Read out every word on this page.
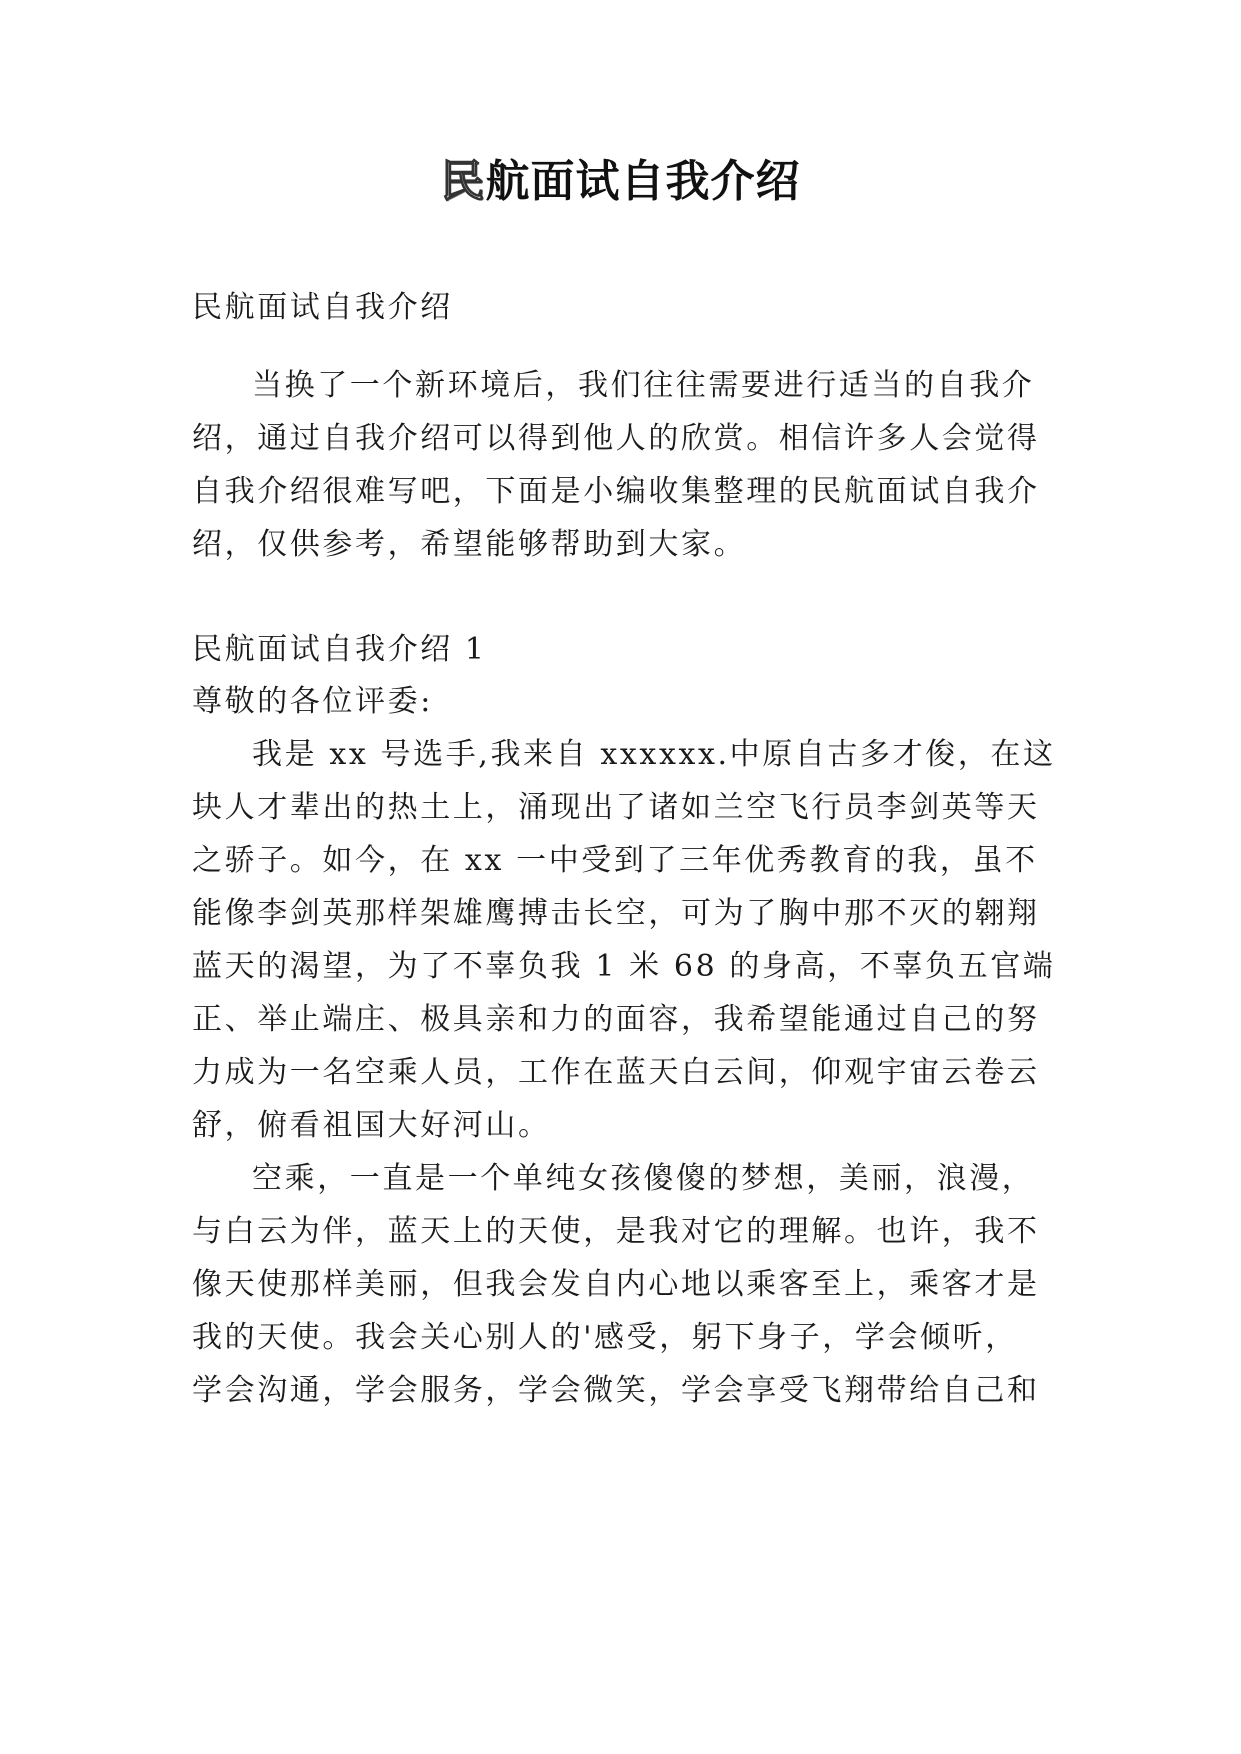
民航面试自我介绍

民航面试自我介绍

当换了一个新环境后，我们往往需要进行适当的自我介

绍，通过自我介绍可以得到他人的欣赏。相信许多人会觉得

自我介绍很难写吧，下面是小编收集整理的民航面试自我介

绍，仅供参考，希望能够帮助到大家。

民航面试自我介绍 1

尊敬的各位评委:

我是 xx 号选手,我来自 xxxxxx.中原自古多才俊，在这

块人才辈出的热土上，涌现出了诸如兰空飞行员李剑英等天

之骄子。如今，在 xx 一中受到了三年优秀教育的我，虽不

能像李剑英那样架雄鹰搏击长空，可为了胸中那不灭的翱翔

蓝天的渴望，为了不辜负我 1 米 68 的身高，不辜负五官端

正、举止端庄、极具亲和力的面容，我希望能通过自己的努

力成为一名空乘人员，工作在蓝天白云间，仰观宇宙云卷云

舒，俯看祖国大好河山。

空乘，一直是一个单纯女孩傻傻的梦想，美丽，浪漫，

与白云为伴，蓝天上的天使，是我对它的理解。也许，我不

像天使那样美丽，但我会发自内心地以乘客至上，乘客才是

我的天使。我会关心别人的'感受，躬下身子，学会倾听，

学会沟通，学会服务，学会微笑，学会享受飞翔带给自己和
